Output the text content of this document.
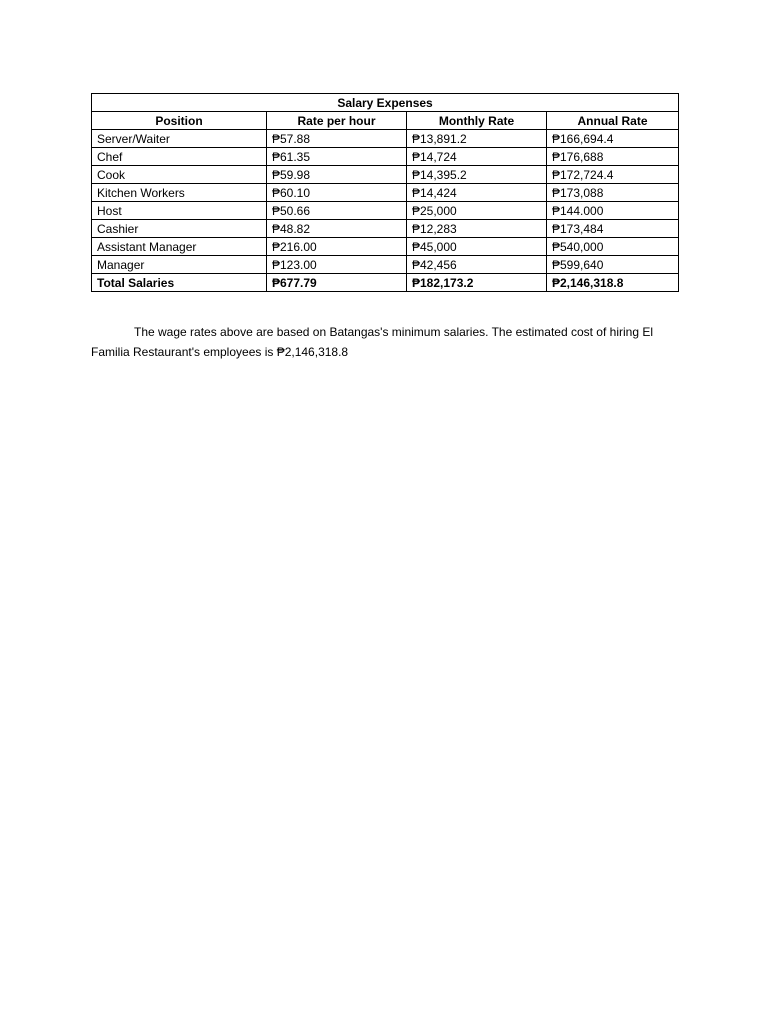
Salary Expenses			
Position	Rate per hour	Monthly Rate	Annual Rate
Server/Waiter	₱57.88	₱13,891.2	₱166,694.4
Chef	₱61.35	₱14,724	₱176,688
Cook	₱59.98	₱14,395.2	₱172,724.4
Kitchen Workers	₱60.10	₱14,424	₱173,088
Host	₱50.66	₱25,000	₱144.000
Cashier	₱48.82	₱12,283	₱173,484
Assistant Manager	₱216.00	₱45,000	₱540,000
Manager	₱123.00	₱42,456	₱599,640
Total Salaries	₱677.79	₱182,173.2	₱2,146,318.8

The wage rates above are based on Batangas's minimum salaries. The estimated cost of hiring El Familia Restaurant's employees is ₱2,146,318.8
